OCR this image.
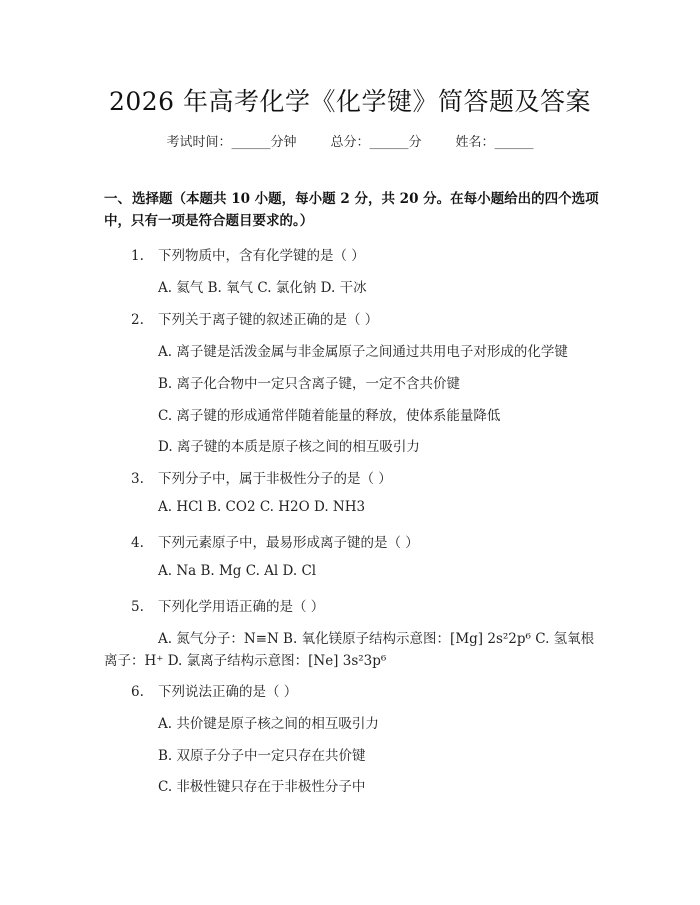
2026 年高考化学《化学键》简答题及答案
考试时间：______分钟	总分：______分	姓名：______
一、选择题（本题共 10 小题，每小题 2 分，共 20 分。在每小题给出的四个选项
中，只有一项是符合题目要求的。）
1. 下列物质中，含有化学键的是（ ）
A. 氦气 B. 氧气 C. 氯化钠 D. 干冰
2. 下列关于离子键的叙述正确的是（ ）
A. 离子键是活泼金属与非金属原子之间通过共用电子对形成的化学键
B. 离子化合物中一定只含离子键，一定不含共价键
C. 离子键的形成通常伴随着能量的释放，使体系能量降低
D. 离子键的本质是原子核之间的相互吸引力
3. 下列分子中，属于非极性分子的是（ ）
A. HCl B. CO2 C. H2O D. NH3
4. 下列元素原子中，最易形成离子键的是（ ）
A. Na B. Mg C. Al D. Cl
5. 下列化学用语正确的是（ ）
A. 氮气分子：N≡N B. 氧化镁原子结构示意图：[Mg] 2s²2p⁶ C. 氢氧根
离子：H⁺ D. 氯离子结构示意图：[Ne] 3s²3p⁶
6. 下列说法正确的是（ ）
A. 共价键是原子核之间的相互吸引力
B. 双原子分子中一定只存在共价键
C. 非极性键只存在于非极性分子中
